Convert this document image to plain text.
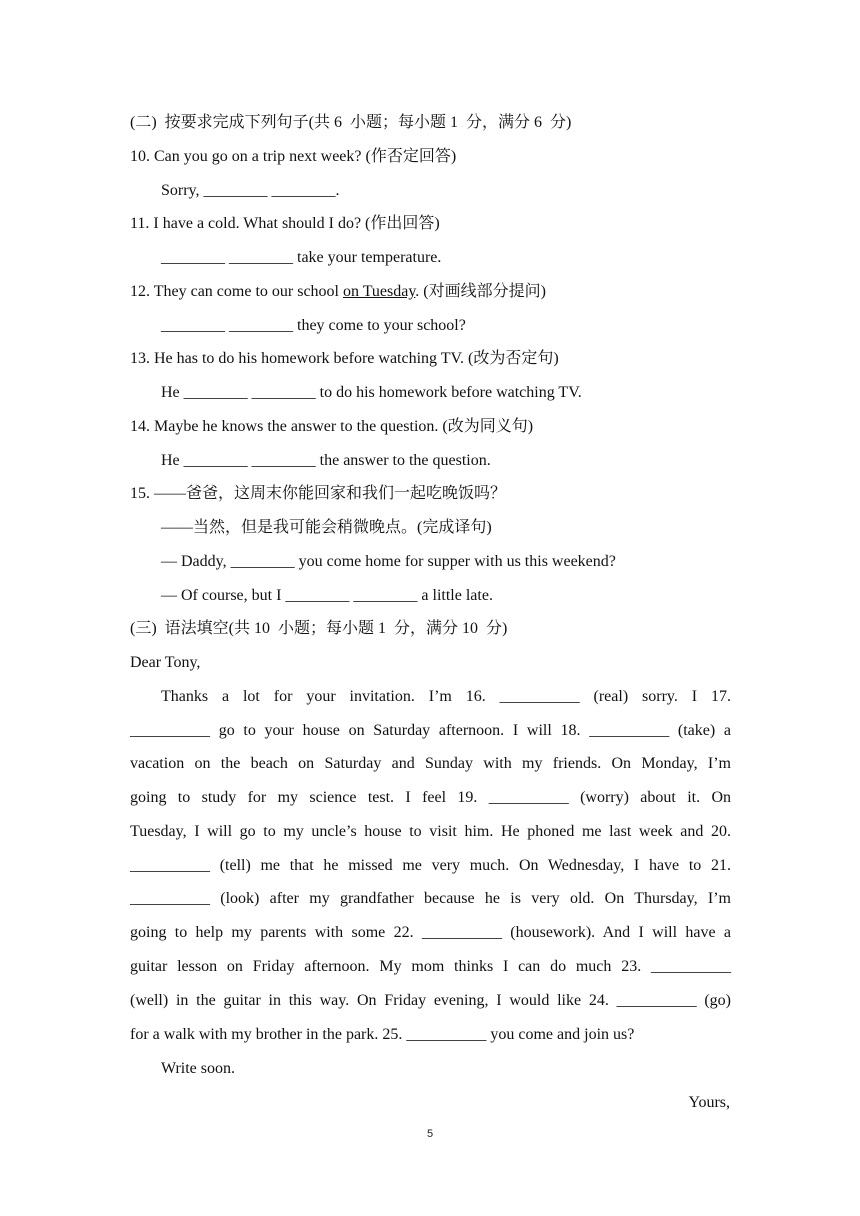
(二)  按要求完成下列句子(共 6  小题；每小题 1  分，满分 6  分)
10. Can you go on a trip next week? (作否定回答)
Sorry, ________ ________.
11. I have a cold. What should I do? (作出回答)
________ ________ take your temperature.
12. They can come to our school on Tuesday. (对画线部分提问)
________ ________ they come to your school?
13. He has to do his homework before watching TV. (改为否定句)
He ________ ________ to do his homework before watching TV.
14. Maybe he knows the answer to the question. (改为同义句)
He ________ ________ the answer to the question.
15. ——爸爸，这周末你能回家和我们一起吃晚饭吗？
——当然，但是我可能会稍微晚点。(完成译句)
— Daddy, ________ you come home for supper with us this weekend?
— Of course, but I ________ ________ a little late.
(三)  语法填空(共 10  小题；每小题 1  分，满分 10  分)
Dear Tony,
Thanks a lot for your invitation. I’m 16. __________ (real) sorry. I 17.
__________ go to your house on Saturday afternoon. I will 18. __________ (take) a
vacation on the beach on Saturday and Sunday with my friends. On Monday, I’m
going to study for my science test. I feel 19. __________ (worry) about it. On
Tuesday, I will go to my uncle’s house to visit him. He phoned me last week and 20.
__________ (tell) me that he missed me very much. On Wednesday, I have to 21.
__________ (look) after my grandfather because he is very old. On Thursday, I’m
going to help my parents with some 22. __________ (housework). And I will have a
guitar lesson on Friday afternoon. My mom thinks I can do much 23. __________
(well) in the guitar in this way. On Friday evening, I would like 24. __________ (go)
for a walk with my brother in the park. 25. __________ you come and join us?
Write soon.
Yours,
5
